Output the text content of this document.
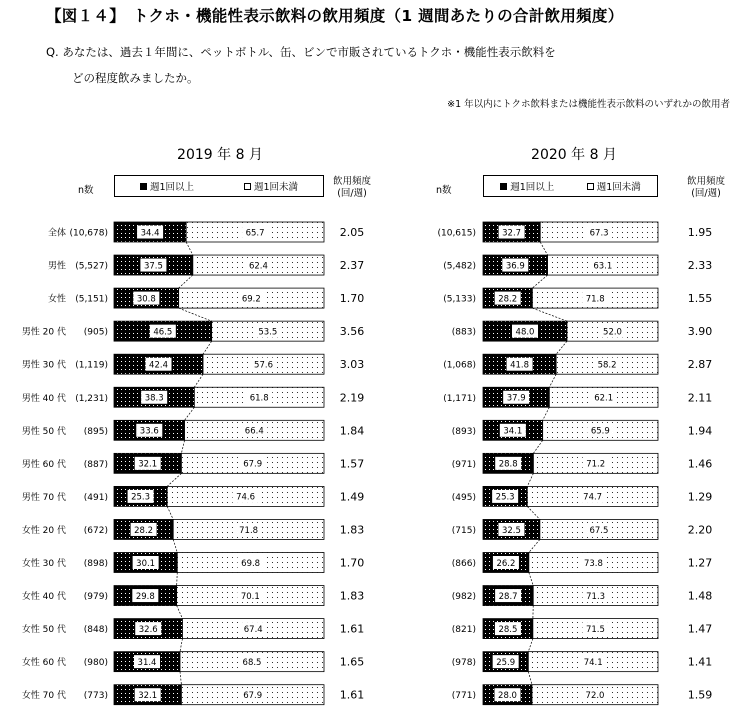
【図１４】　トクホ・機能性表示飲料の飲用頻度（1 週間あたりの合計飲用頻度）
Q. あなたは、過去１年間に、ペットボトル、缶、ビンで市販されているトクホ・機能性表示飲料を
どの程度飲みましたか。
※1 年以内にトクホ飲料または機能性表示飲料のいずれかの飲用者
2019 年 8 月
n数	週1回以上	週1回未満
飲用頻度
(回/週)
2020 年 8 月
n数	週1回以上	週1回未満
飲用頻度
(回/週)
全体 (10,678)	34.4	65.7	2.05
男性 (5,527)	37.5	62.4	2.37
女性 (5,151)	30.8	69.2	1.70
男性 20 代 (905)	46.5	53.5	3.56
男性 30 代 (1,119)	42.4	57.6	3.03
男性 40 代 (1,231)	38.3	61.8	2.19
男性 50 代 (895)	33.6	66.4	1.84
男性 60 代 (887)	32.1	67.9	1.57
男性 70 代 (491)	25.3	74.6	1.49
女性 20 代 (672)	28.2	71.8	1.83
女性 30 代 (898)	30.1	69.8	1.70
女性 40 代 (979)	29.8	70.1	1.83
女性 50 代 (848)	32.6	67.4	1.61
女性 60 代 (980)	31.4	68.5	1.65
女性 70 代 (773)	32.1	67.9	1.61
(10,615)	32.7	67.3	1.95
(5,482)	36.9	63.1	2.33
(5,133)	28.2	71.8	1.55
(883)	48.0	52.0	3.90
(1,068)	41.8	58.2	2.87
(1,171)	37.9	62.1	2.11
(893)	34.1	65.9	1.94
(971)	28.8	71.2	1.46
(495) 25.3	74.7	1.29
(715)	32.5	67.5	2.20
(866) 26.2	73.8	1.27
(982)	28.7	71.3	1.48
(821)	28.5	71.5	1.47
(978) 25.9	74.1	1.41
(771)	28.0	72.0	1.59
